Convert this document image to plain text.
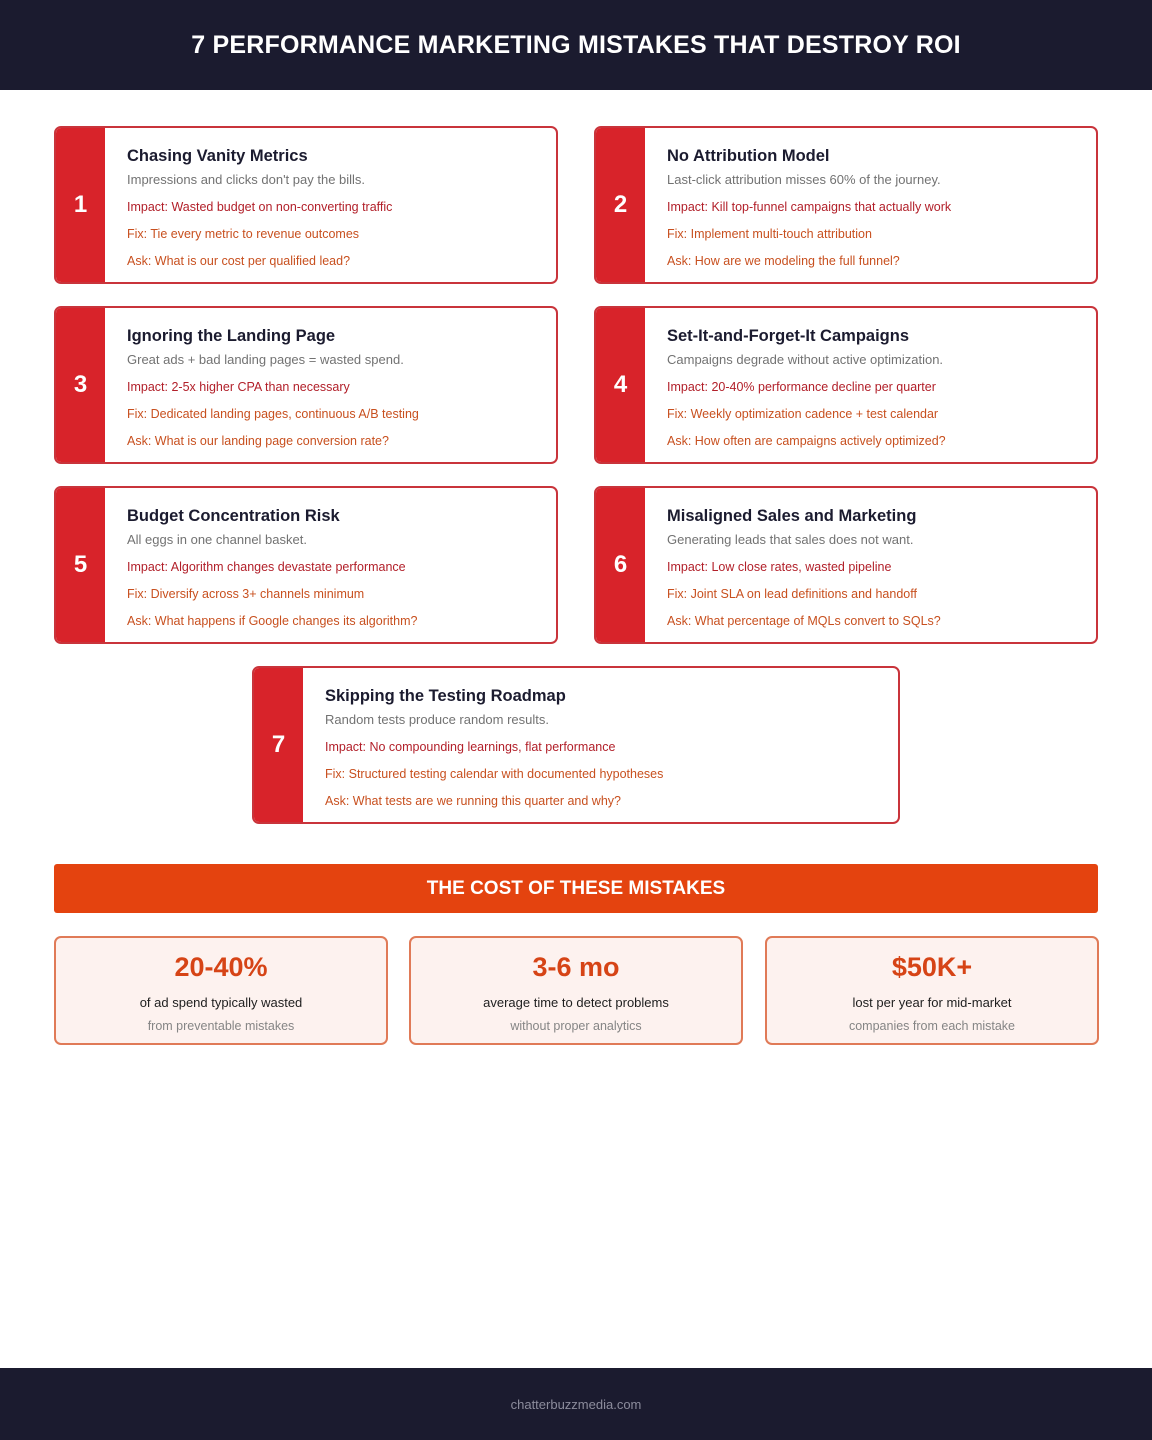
7 PERFORMANCE MARKETING MISTAKES THAT DESTROY ROI
1
Chasing Vanity Metrics
Impressions and clicks don't pay the bills.
Impact: Wasted budget on non-converting traffic
Fix: Tie every metric to revenue outcomes
Ask: What is our cost per qualified lead?
2
No Attribution Model
Last-click attribution misses 60% of the journey.
Impact: Kill top-funnel campaigns that actually work
Fix: Implement multi-touch attribution
Ask: How are we modeling the full funnel?
3
Ignoring the Landing Page
Great ads + bad landing pages = wasted spend.
Impact: 2-5x higher CPA than necessary
Fix: Dedicated landing pages, continuous A/B testing
Ask: What is our landing page conversion rate?
4
Set-It-and-Forget-It Campaigns
Campaigns degrade without active optimization.
Impact: 20-40% performance decline per quarter
Fix: Weekly optimization cadence + test calendar
Ask: How often are campaigns actively optimized?
5
Budget Concentration Risk
All eggs in one channel basket.
Impact: Algorithm changes devastate performance
Fix: Diversify across 3+ channels minimum
Ask: What happens if Google changes its algorithm?
6
Misaligned Sales and Marketing
Generating leads that sales does not want.
Impact: Low close rates, wasted pipeline
Fix: Joint SLA on lead definitions and handoff
Ask: What percentage of MQLs convert to SQLs?
7
Skipping the Testing Roadmap
Random tests produce random results.
Impact: No compounding learnings, flat performance
Fix: Structured testing calendar with documented hypotheses
Ask: What tests are we running this quarter and why?
THE COST OF THESE MISTAKES
20-40%
of ad spend typically wasted
from preventable mistakes
3-6 mo
average time to detect problems
without proper analytics
$50K+
lost per year for mid-market
companies from each mistake
chatterbuzzmedia.com
